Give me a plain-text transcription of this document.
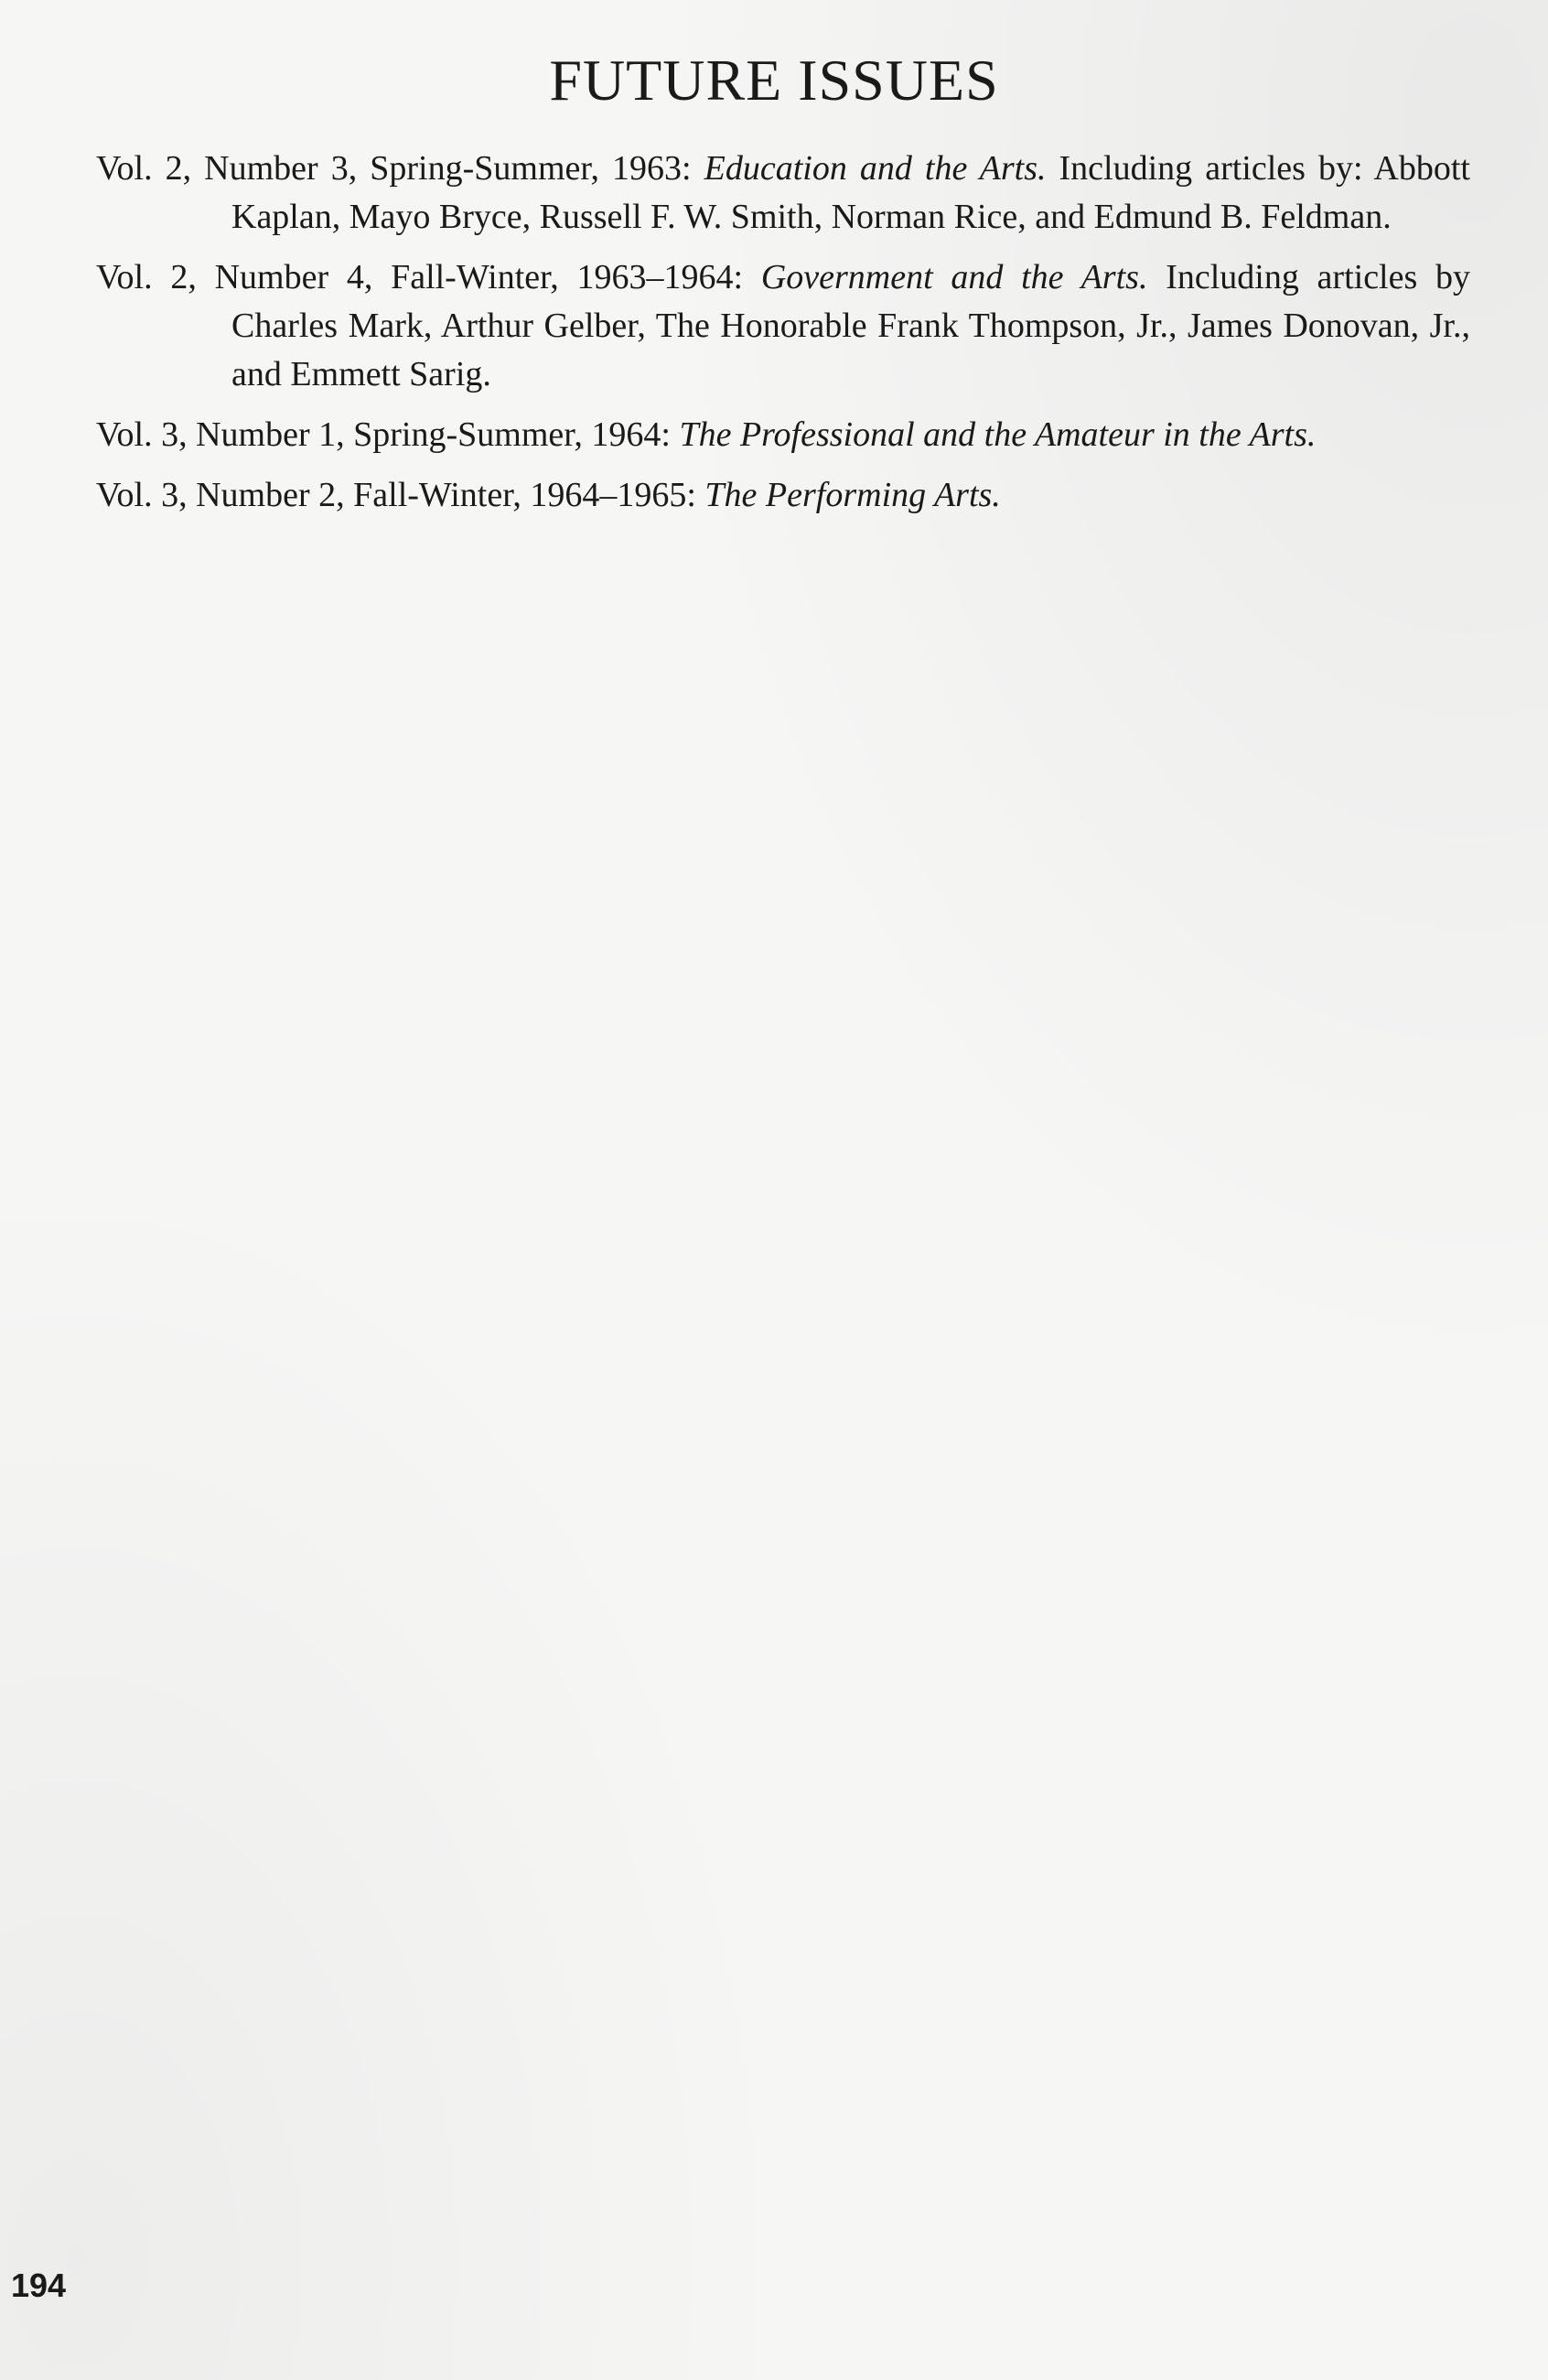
FUTURE ISSUES
Vol. 2, Number 3, Spring-Summer, 1963: Education and the Arts. Including articles by: Abbott Kaplan, Mayo Bryce, Russell F. W. Smith, Norman Rice, and Edmund B. Feldman.
Vol. 2, Number 4, Fall-Winter, 1963–1964: Government and the Arts. Including articles by Charles Mark, Arthur Gelber, The Honorable Frank Thompson, Jr., James Donovan, Jr., and Emmett Sarig.
Vol. 3, Number 1, Spring-Summer, 1964: The Professional and the Amateur in the Arts.
Vol. 3, Number 2, Fall-Winter, 1964–1965: The Performing Arts.

194
